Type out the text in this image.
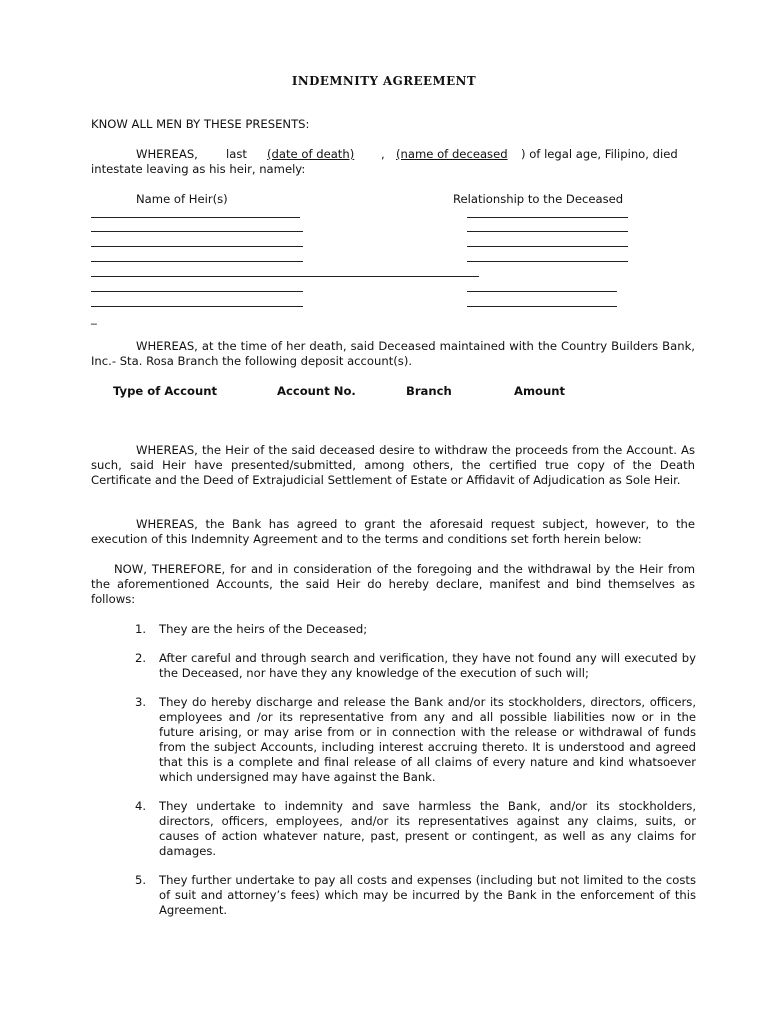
INDEMNITY AGREEMENT
KNOW ALL MEN BY THESE PRESENTS:
WHEREAS, last	(date of death) , (name of deceased ) of legal age, Filipino, died
intestate leaving as his heir, namely:
Name of Heir(s)	Relationship to the Deceased
_
WHEREAS, at the time of her death, said Deceased maintained with the Country Builders Bank, Inc.- Sta. Rosa Branch the following deposit account(s).
Type of Account	Account No.	Branch	Amount
WHEREAS, the Heir of the said deceased desire to withdraw the proceeds from the Account. As such, said Heir have presented/submitted, among others, the certified true copy of the Death Certificate and the Deed of Extrajudicial Settlement of Estate or Affidavit of Adjudication as Sole Heir.
WHEREAS, the Bank has agreed to grant the aforesaid request subject, however, to the execution of this Indemnity Agreement and to the terms and conditions set forth herein below:
NOW, THEREFORE, for and in consideration of the foregoing and the withdrawal by the Heir from the aforementioned Accounts, the said Heir do hereby declare, manifest and bind themselves as follows:
1. They are the heirs of the Deceased;
2. After careful and through search and verification, they have not found any will executed by the Deceased, nor have they any knowledge of the execution of such will;
3. They do hereby discharge and release the Bank and/or its stockholders, directors, officers, employees and /or its representative from any and all possible liabilities now or in the future arising, or may arise from or in connection with the release or withdrawal of funds from the subject Accounts, including interest accruing thereto. It is understood and agreed that this is a complete and final release of all claims of every nature and kind whatsoever which undersigned may have against the Bank.
4. They undertake to indemnity and save harmless the Bank, and/or its stockholders, directors, officers, employees, and/or its representatives against any claims, suits, or causes of action whatever nature, past, present or contingent, as well as any claims for damages.
5. They further undertake to pay all costs and expenses (including but not limited to the costs of suit and attorney’s fees) which may be incurred by the Bank in the enforcement of this Agreement.
